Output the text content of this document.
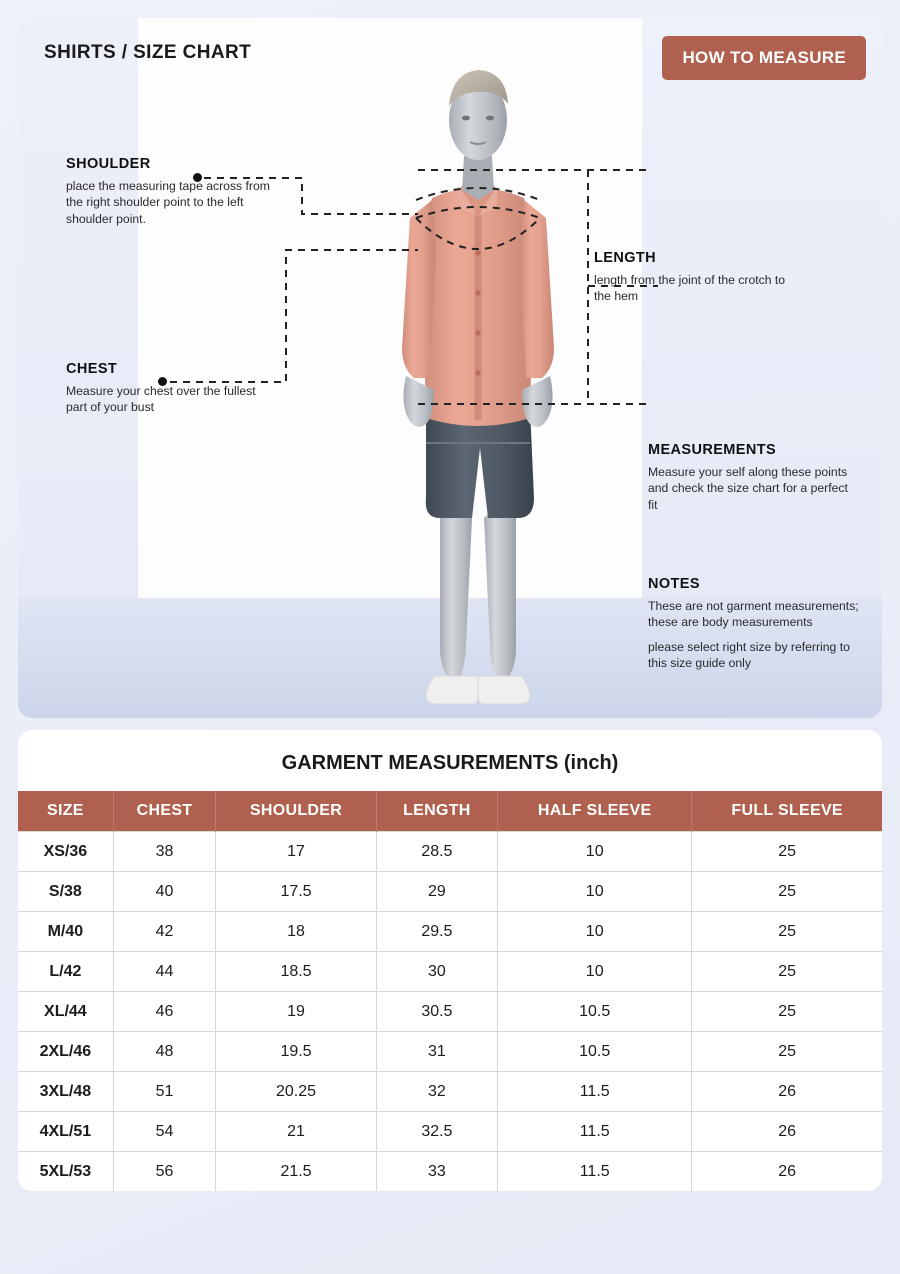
SHIRTS / SIZE CHART	HOW TO MEASURE
SHOULDER
place the measuring tape across from the right shoulder point to the left shoulder point.
CHEST
Measure your chest over the fullest part of your bust
LENGTH
length from the joint of the crotch to the hem
MEASUREMENTS
Measure your self along these points and check the size chart for a perfect fit
NOTES
These are not garment measurements; these are body measurements
please select right size by referring to this size guide only
GARMENT MEASUREMENTS (inch)
SIZE	CHEST	SHOULDER	LENGTH	HALF SLEEVE	FULL SLEEVE
XS/36	38	17	28.5	10	25
S/38	40	17.5	29	10	25
M/40	42	18	29.5	10	25
L/42	44	18.5	30	10	25
XL/44	46	19	30.5	10.5	25
2XL/46	48	19.5	31	10.5	25
3XL/48	51	20.25	32	11.5	26
4XL/51	54	21	32.5	11.5	26
5XL/53	56	21.5	33	11.5	26
